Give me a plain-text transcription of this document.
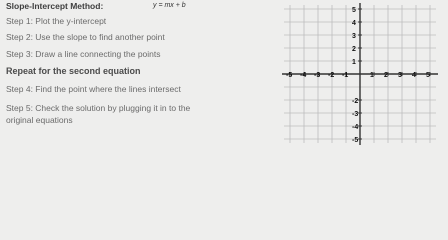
Slope-Intercept Method:	y = mx + b
Step 1: Plot the y-intercept
Step 2: Use the slope to find another point
Step 3: Draw a line connecting the points
Repeat for the second equation
Step 4: Find the point where the lines intersect
Step 5: Check the solution by plugging it in to the
original equations
-5 -4 -3 -2 -1	1 2 3 4 5
5
4
3
2
1
-2
-3
-4
-5
